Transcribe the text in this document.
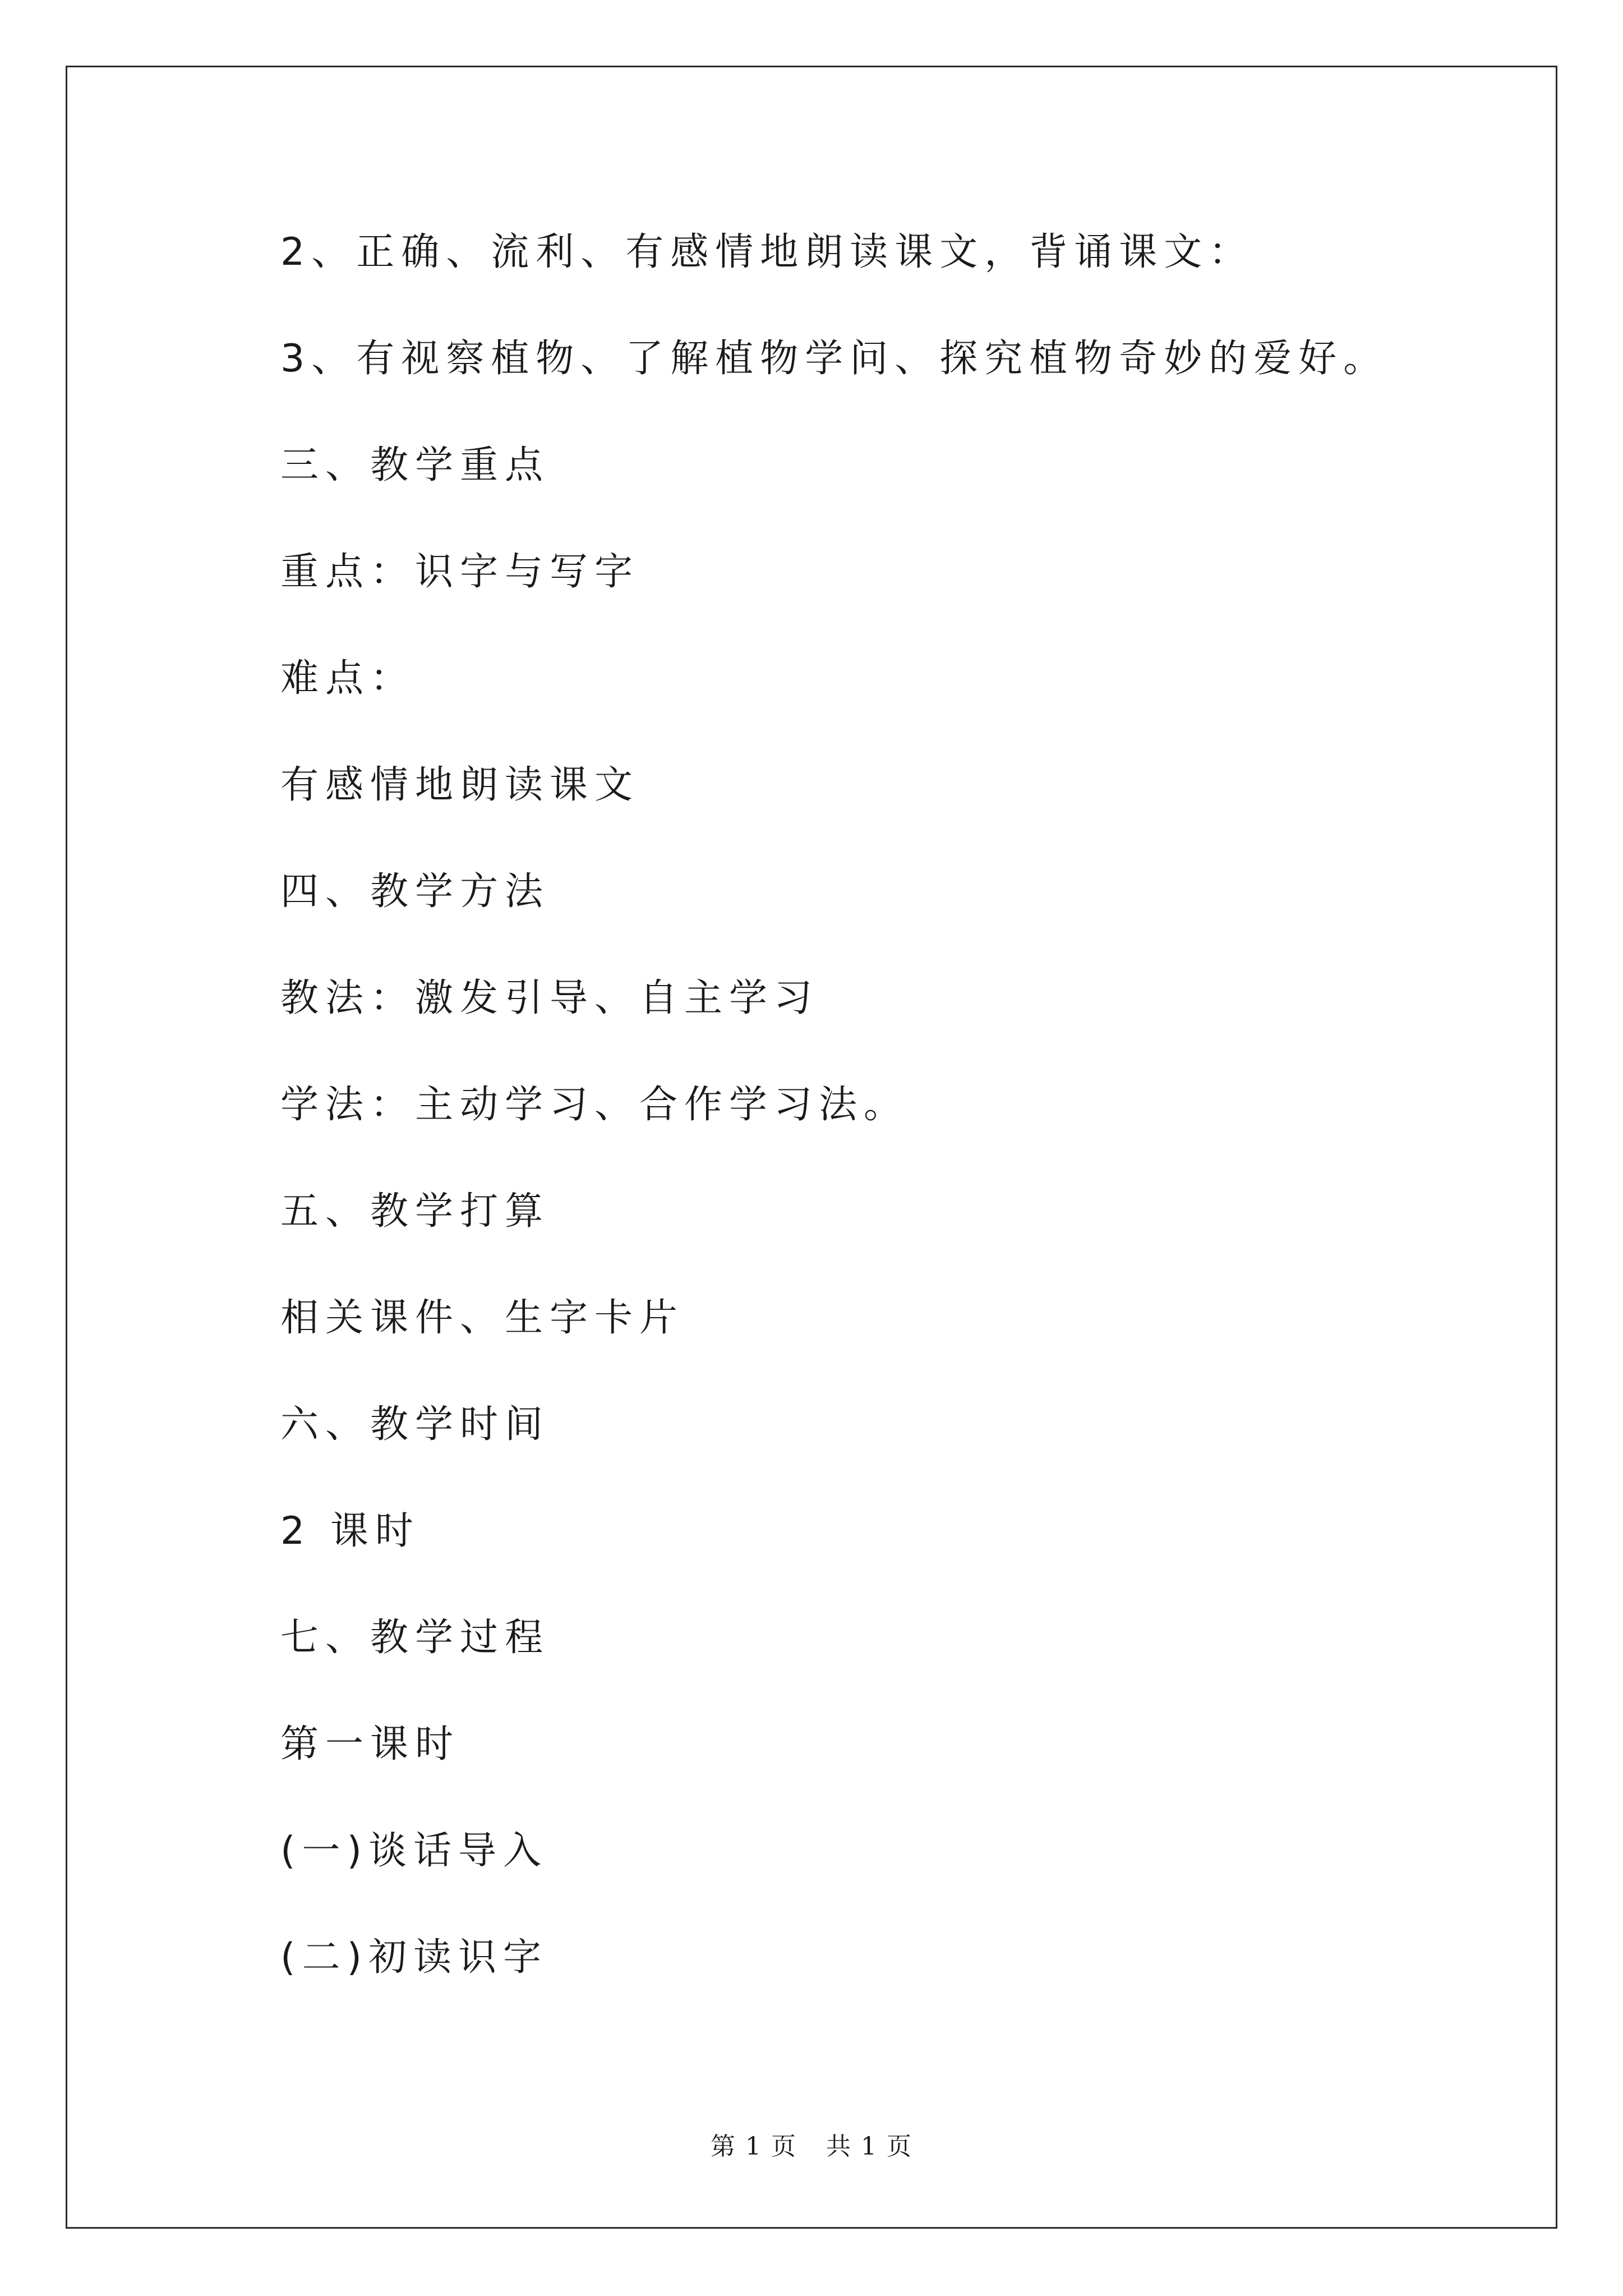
2、正确、流利、有感情地朗读课文，背诵课文：
3、有视察植物、了解植物学问、探究植物奇妙的爱好。
三、教学重点
重点：识字与写字
难点：
有感情地朗读课文
四、教学方法
教法：激发引导、自主学习
学法：主动学习、合作学习法。
五、教学打算
相关课件、生字卡片
六、教学时间
2 课时
七、教学过程
第一课时
(一)谈话导入
(二)初读识字
第 1 页 共 1 页
